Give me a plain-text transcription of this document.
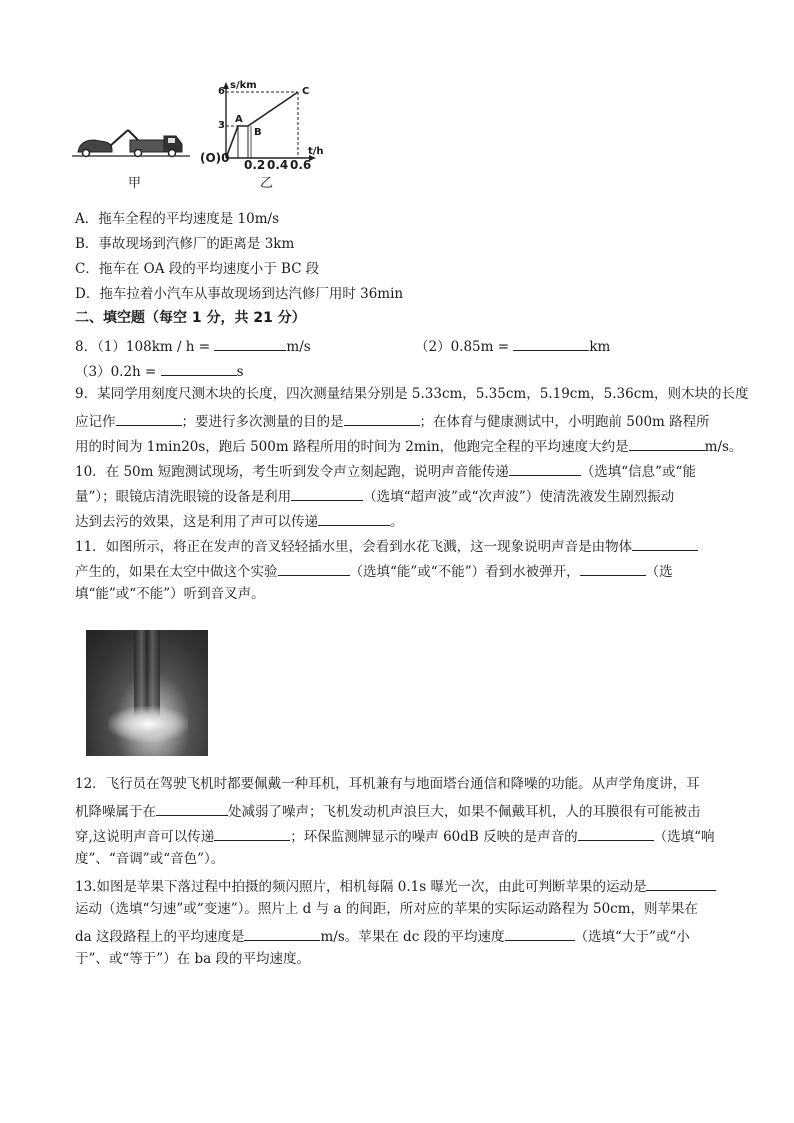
甲
s/km
6
3
A
B
C
(O)0	t/h
0.2 0.4 0.6
乙
A．拖车全程的平均速度是 10m/s
B．事故现场到汽修厂的距离是 3km
C．拖车在 OA 段的平均速度小于 BC 段
D．拖车拉着小汽车从事故现场到达汽修厂用时 36min
二、填空题（每空 1 分，共 21 分）
8．（1）108km / h =	m/s	（2）0.85m =	km
（3）0.2h =	s
9．某同学用刻度尺测木块的长度，四次测量结果分别是 5.33cm，5.35cm，5.19cm，5.36cm，则木块的长度
应记作	；要进行多次测量的目的是	；在体育与健康测试中，小明跑前 500m 路程所
用的时间为 1min20s，跑后 500m 路程所用的时间为 2min，他跑完全程的平均速度大约是	m/s。
10．在 50m 短跑测试现场，考生听到发令声立刻起跑，说明声音能传递	（选填“信息”或“能
量”）；眼镜店清洗眼镜的设备是利用	（选填“超声波”或“次声波”）使清洗液发生剧烈振动
达到去污的效果，这是利用了声可以传递	。
11．如图所示，将正在发声的音叉轻轻插水里，会看到水花飞溅，这一现象说明声音是由物体
产生的，如果在太空中做这个实验	（选填“能”或“不能”）看到水被弹开，	（选
填“能”或“不能”）听到音叉声。
12．飞行员在驾驶飞机时都要佩戴一种耳机，耳机兼有与地面塔台通信和降噪的功能。从声学角度讲，耳
机降噪属于在	处减弱了噪声；飞机发动机声浪巨大，如果不佩戴耳机，人的耳膜很有可能被击
穿,这说明声音可以传递	；环保监测牌显示的噪声 60dB 反映的是声音的	（选填“响
度”、“音调”或“音色”）。
13.如图是苹果下落过程中拍摄的频闪照片，相机每隔 0.1s 曝光一次，由此可判断苹果的运动是
运动（选填“匀速”或“变速”）。照片上 d 与 a 的间距，所对应的苹果的实际运动路程为 50cm，则苹果在
da 这段路程上的平均速度是	m/s。苹果在 dc 段的平均速度	（选填“大于”或“小
于”、或“等于”）在 ba 段的平均速度。
